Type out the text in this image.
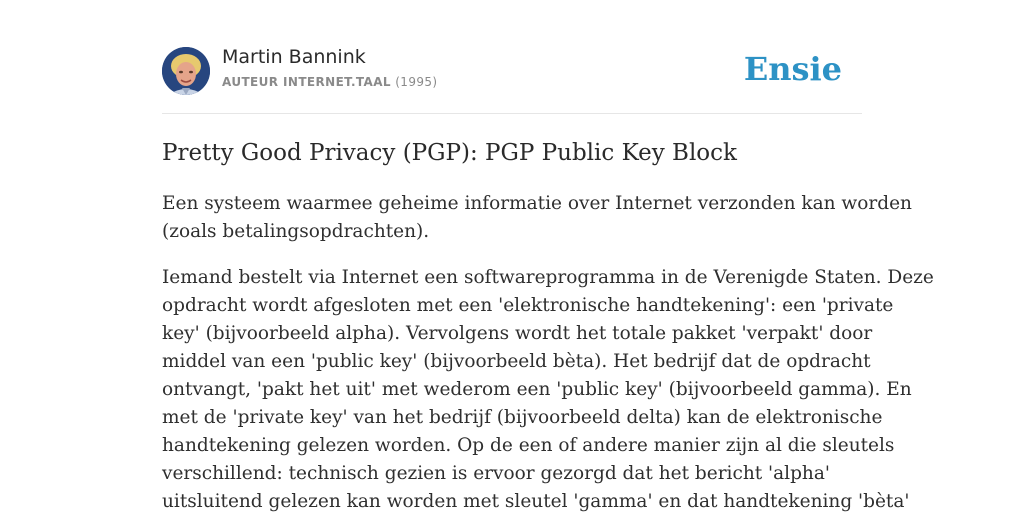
Martin Bannink
AUTEUR INTERNET.TAAL (1995)	Ensie
Pretty Good Privacy (PGP): PGP Public Key Block

Een systeem waarmee geheime informatie over Internet verzonden kan worden
(zoals betalingsopdrachten).

Iemand bestelt via Internet een softwareprogramma in de Verenigde Staten. Deze
opdracht wordt afgesloten met een 'elektronische handtekening': een 'private
key' (bijvoorbeeld alpha). Vervolgens wordt het totale pakket 'verpakt' door
middel van een 'public key' (bijvoorbeeld bèta). Het bedrijf dat de opdracht
ontvangt, 'pakt het uit' met wederom een 'public key' (bijvoorbeeld gamma). En
met de 'private key' van het bedrijf (bijvoorbeeld delta) kan de elektronische
handtekening gelezen worden. Op de een of andere manier zijn al die sleutels
verschillend: technisch gezien is ervoor gezorgd dat het bericht 'alpha'
uitsluitend gelezen kan worden met sleutel 'gamma' en dat handtekening 'bèta'
